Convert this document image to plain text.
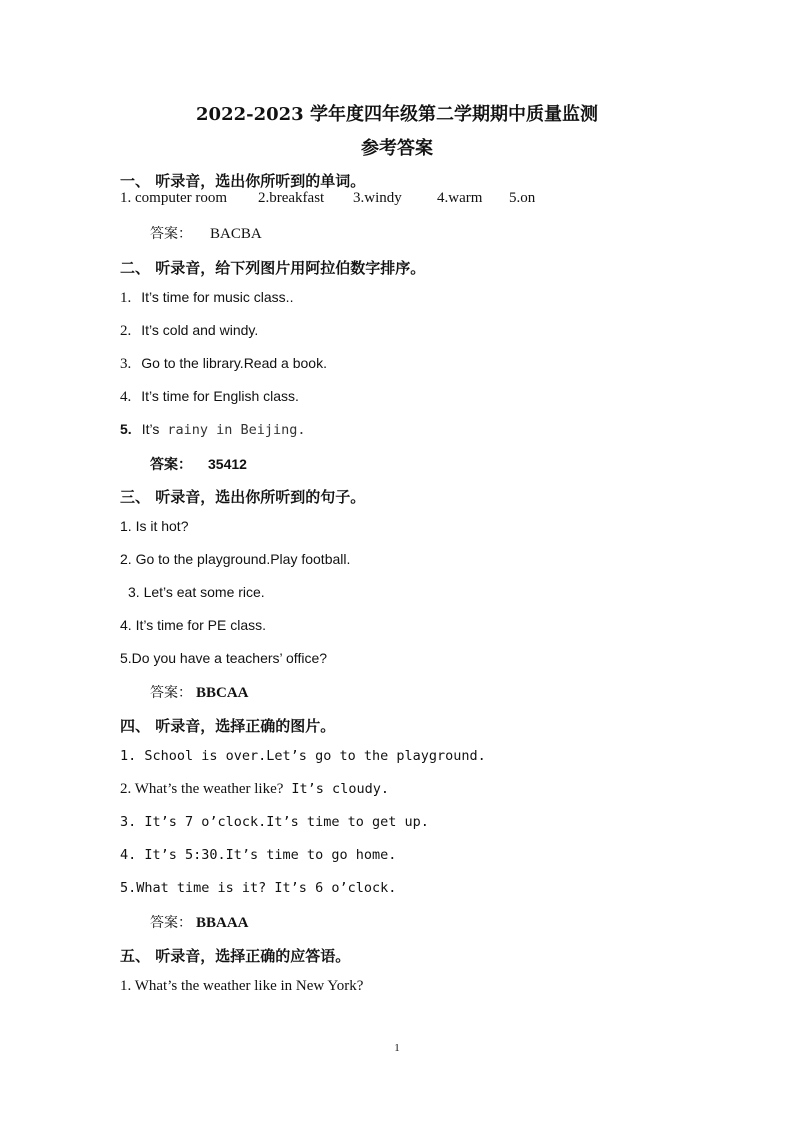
2022-2023 学年度四年级第二学期期中质量监测
参考答案
一、 听录音，选出你所听到的单词。
1. computer room 2.breakfast 3.windy 4.warm 5.on
答案： BACBA
二、 听录音，给下列图片用阿拉伯数字排序。
1. It’s time for music class..
2. It’s cold and windy.
3. Go to the library.Read a book.
4. It’s time for English class.
5. It’s rainy in Beijing.
答案： 35412
三、 听录音，选出你所听到的句子。
1. Is it hot?
2. Go to the playground.Play football.
3. Let’s eat some rice.
4. It’s time for PE class.
5.Do you have a teachers’ office?
答案： BBCAA
四、 听录音，选择正确的图片。
1. School is over.Let’s go to the playground.
2. What’s the weather like? It’s cloudy.
3. It’s 7 o’clock.It’s time to get up.
4. It’s 5:30.It’s time to go home.
5.What time is it? It’s 6 o’clock.
答案： BBAAA
五、 听录音，选择正确的应答语。
1. What’s the weather like in New York?
1
